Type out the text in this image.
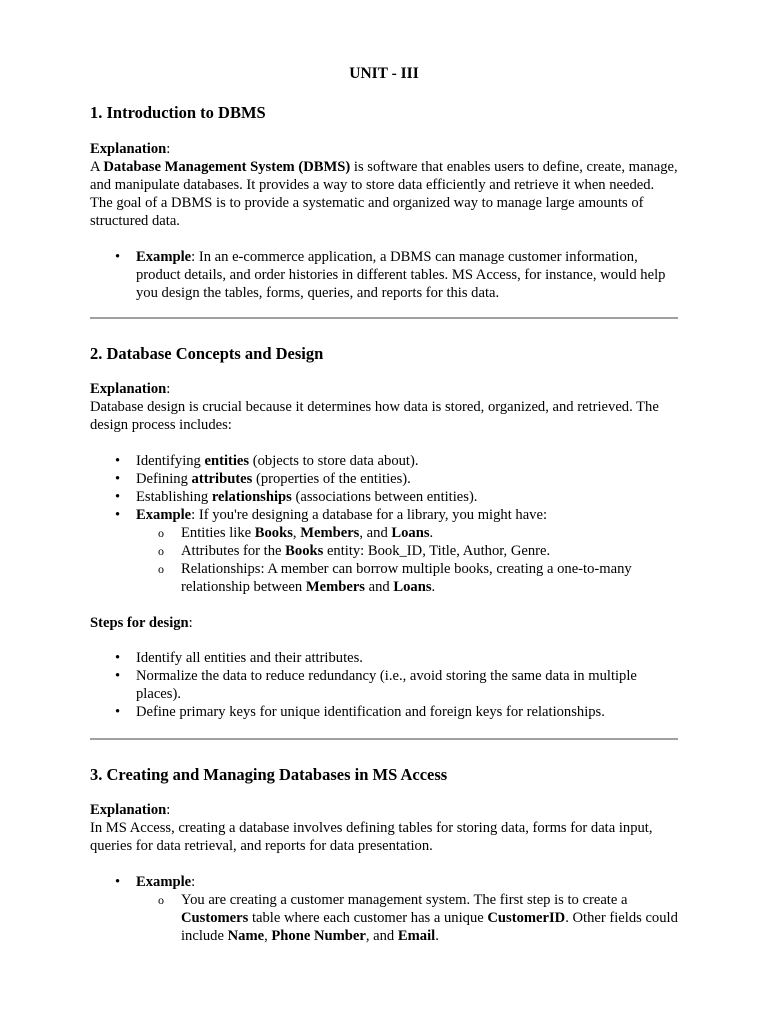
UNIT - III

1. Introduction to DBMS

Explanation:

A Database Management System (DBMS) is software that enables users to define, create, manage, and manipulate databases. It provides a way to store data efficiently and retrieve it when needed. The goal of a DBMS is to provide a systematic and organized way to manage large amounts of structured data.

• Example: In an e-commerce application, a DBMS can manage customer information, product details, and order histories in different tables. MS Access, for instance, would help you design the tables, forms, queries, and reports for this data.
2. Database Concepts and Design

Explanation:

Database design is crucial because it determines how data is stored, organized, and retrieved. The design process includes:

• Identifying entities (objects to store data about).
• Defining attributes (properties of the entities).
• Establishing relationships (associations between entities).
• Example: If you're designing a database for a library, you might have:
o Entities like Books, Members, and Loans.
o Attributes for the Books entity: Book_ID, Title, Author, Genre.
o Relationships: A member can borrow multiple books, creating a one-to-many relationship between Members and Loans.

Steps for design:

• Identify all entities and their attributes.
• Normalize the data to reduce redundancy (i.e., avoid storing the same data in multiple places).
• Define primary keys for unique identification and foreign keys for relationships.
3. Creating and Managing Databases in MS Access

Explanation:

In MS Access, creating a database involves defining tables for storing data, forms for data input, queries for data retrieval, and reports for data presentation.

• Example:
o You are creating a customer management system. The first step is to create a Customers table where each customer has a unique CustomerID. Other fields could include Name, Phone Number, and Email.
